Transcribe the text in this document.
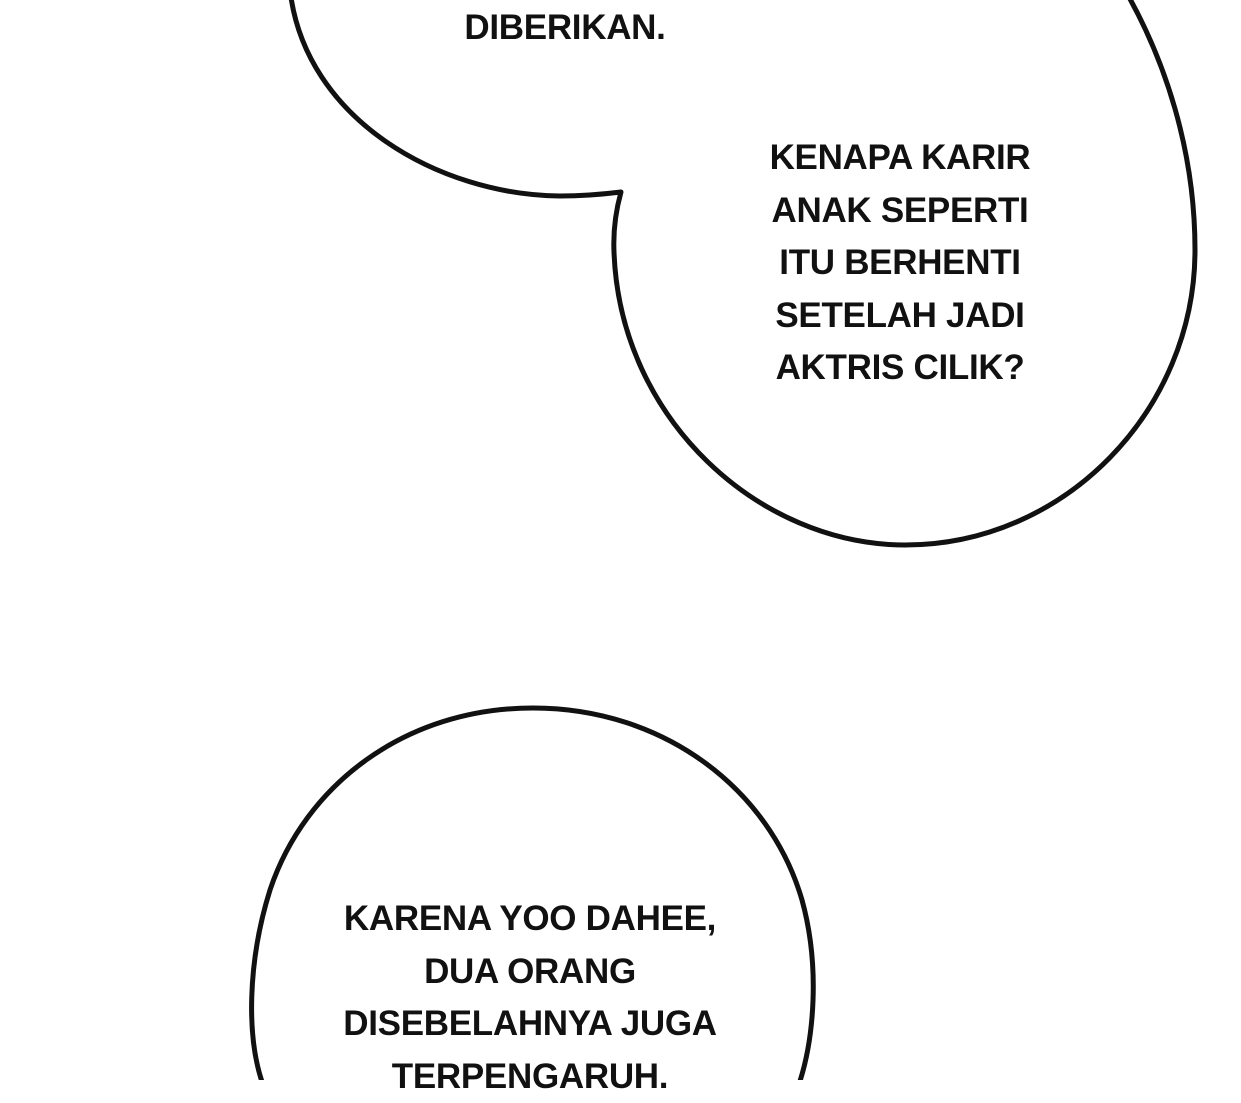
DIBERIKAN.
KENAPA KARIR
ANAK SEPERTI
ITU BERHENTI
SETELAH JADI
AKTRIS CILIK?
KARENA YOO DAHEE,
DUA ORANG
DISEBELAHNYA JUGA
TERPENGARUH.
